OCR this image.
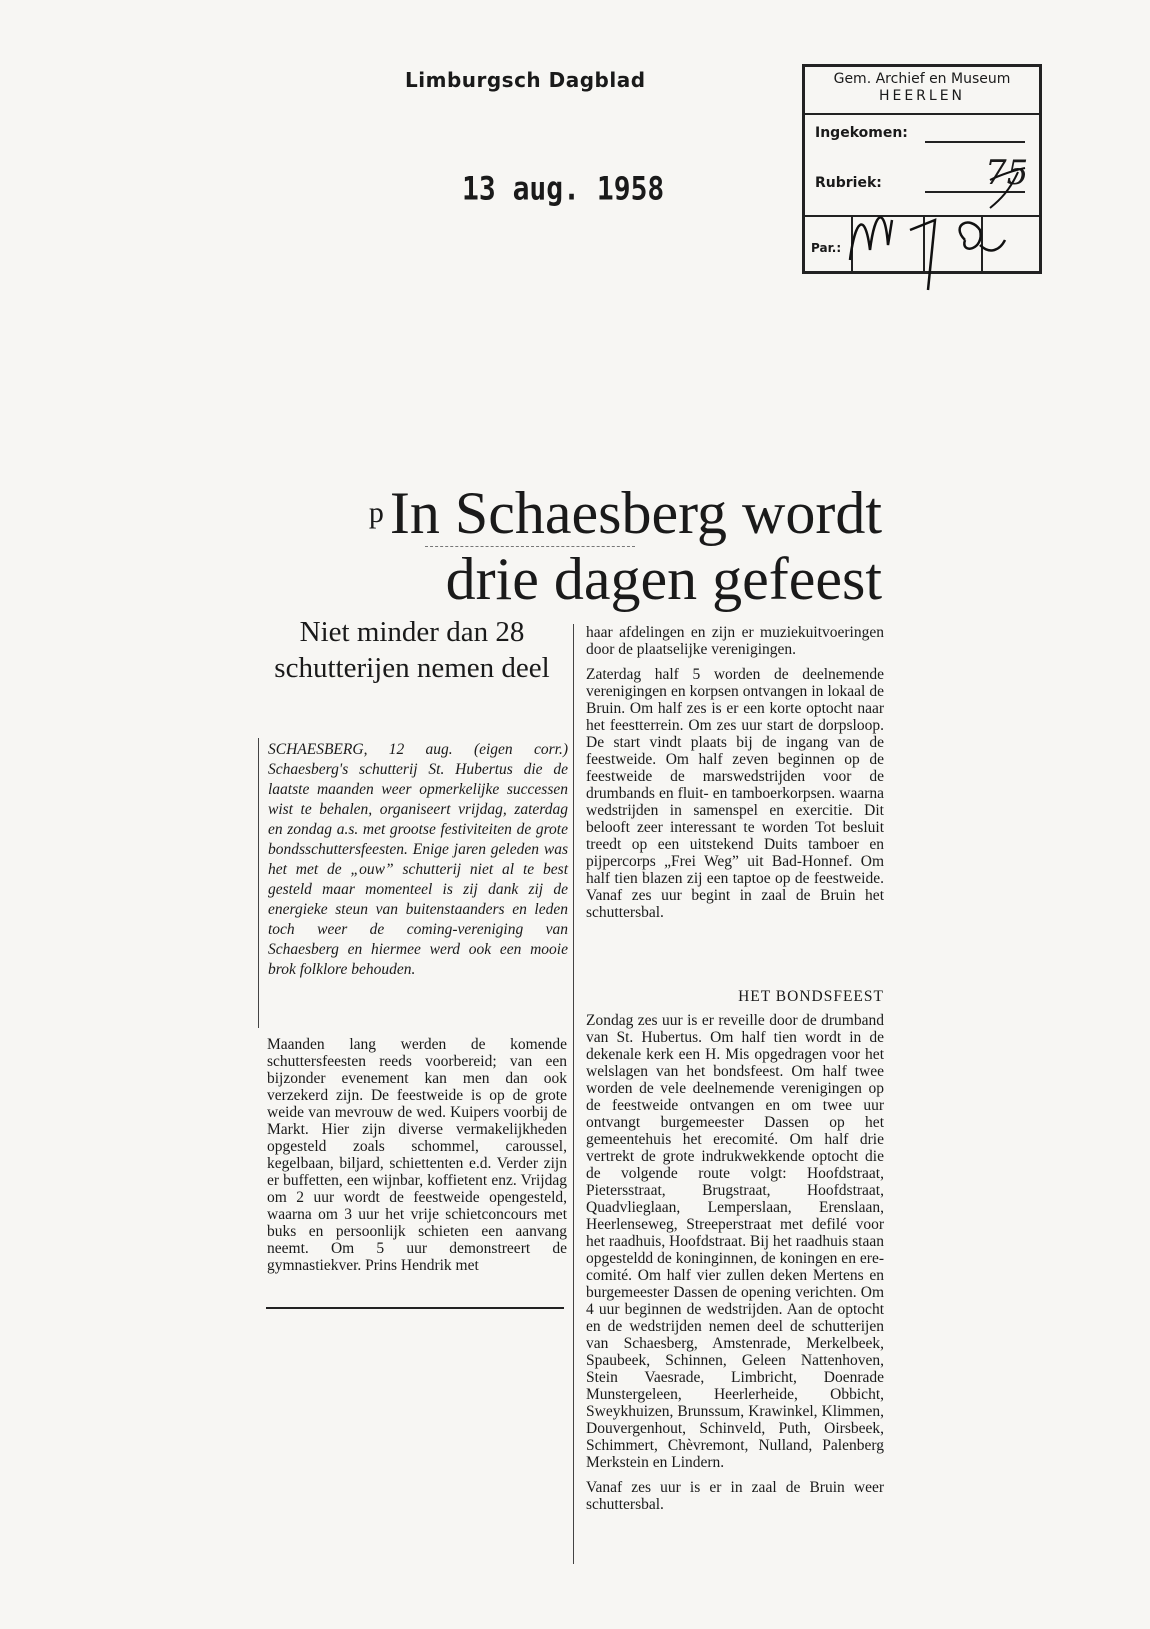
Limburgsch Dagblad
13 aug. 1958
Gem. Archief en Museum
HEERLEN
Ingekomen:
Rubriek:	75
Par.:
$^p$ In Schaesberg wordt drie dagen gefeest
Niet minder dan 28 schutterijen nemen deel
SCHAESBERG, 12 aug. (eigen corr.) Schaesberg's schutterij St. Hubertus die de laatste maanden weer opmerkelijke successen wist te behalen, organiseert vrijdag, zaterdag en zondag a.s. met grootse festiviteiten de grote bondsschuttersfeesten. Enige jaren geleden was het met de „ouw” schutterij niet al te best gesteld maar momenteel is zij dank zij de energieke steun van buitenstaanders en leden toch weer de coming-vereniging van Schaesberg en hiermee werd ook een mooie brok folklore behouden.

Maanden lang werden de komende schuttersfeesten reeds voorbereid; van een bijzonder evenement kan men dan ook verzekerd zijn. De feestweide is op de grote weide van mevrouw de wed. Kuipers voorbij de Markt. Hier zijn diverse vermakelijkheden opgesteld zoals schommel, caroussel, kegelbaan, biljard, schiettenten e.d. Verder zijn er buffetten, een wijnbar, koffietent enz. Vrijdag om 2 uur wordt de feestweide opengesteld, waarna om 3 uur het vrije schietconcours met buks en persoonlijk schieten een aanvang neemt. Om 5 uur demonstreert de gymnastiekver. Prins Hendrik met

haar afdelingen en zijn er muziekuitvoeringen door de plaatselijke verenigingen.

Zaterdag half 5 worden de deelnemende verenigingen en korpsen ontvangen in lokaal de Bruin. Om half zes is er een korte optocht naar het feestterrein. Om zes uur start de dorpsloop. De start vindt plaats bij de ingang van de feestweide. Om half zeven beginnen op de feestweide de marswedstrijden voor de drumbands en fluit- en tamboerkorpsen. waarna wedstrijden in samenspel en exercitie. Dit belooft zeer interessant te worden Tot besluit treedt op een uitstekend Duits tamboer en pijpercorps „Frei Weg” uit Bad-Honnef. Om half tien blazen zij een taptoe op de feestweide. Vanaf zes uur begint in zaal de Bruin het schuttersbal.

HET BONDSFEEST

Zondag zes uur is er reveille door de drumband van St. Hubertus. Om half tien wordt in de dekenale kerk een H. Mis opgedragen voor het welslagen van het bondsfeest. Om half twee worden de vele deelnemende verenigingen op de feestweide ontvangen en om twee uur ontvangt burgemeester Dassen op het gemeentehuis het erecomité. Om half drie vertrekt de grote indrukwekkende optocht die de volgende route volgt: Hoofdstraat, Pietersstraat, Brugstraat, Hoofdstraat, Quadvlieglaan, Lemperslaan, Erenslaan, Heerlenseweg, Streeperstraat met defilé voor het raadhuis, Hoofdstraat. Bij het raadhuis staan opgesteldd de koninginnen, de koningen en ere-comité. Om half vier zullen deken Mertens en burgemeester Dassen de opening verichten. Om 4 uur beginnen de wedstrijden. Aan de optocht en de wedstrijden nemen deel de schutterijen van Schaesberg, Amstenrade, Merkelbeek, Spaubeek, Schinnen, Geleen Nattenhoven, Stein Vaesrade, Limbricht, Doenrade Munstergeleen, Heerlerheide, Obbicht, Sweykhuizen, Brunssum, Krawinkel, Klimmen, Douvergenhout, Schinveld, Puth, Oirsbeek, Schimmert, Chèvremont, Nulland, Palenberg Merkstein en Lindern.

Vanaf zes uur is er in zaal de Bruin weer schuttersbal.
